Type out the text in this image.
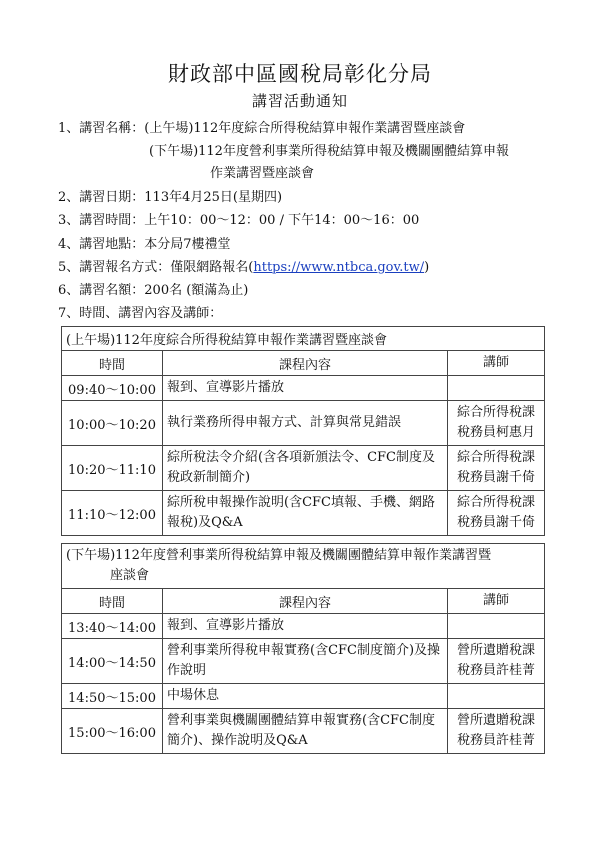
財政部中區國稅局彰化分局
講習活動通知
1、講習名稱：(上午場)112年度綜合所得稅結算申報作業講習暨座談會
(下午場)112年度營利事業所得稅結算申報及機關團體結算申報
作業講習暨座談會
2、講習日期：113年4月25日(星期四)
3、講習時間：上午10：00～12：00 / 下午14：00～16：00
4、講習地點：本分局7樓禮堂
5、講習報名方式：僅限網路報名(https://www.ntbca.gov.tw/)
6、講習名額：200名 (額滿為止)
7、時間、講習內容及講師：
(上午場)112年度綜合所得稅結算申報作業講習暨座談會		
時間	課程內容	講師
09:40～10:00	報到、宣導影片播放	
10:00～10:20	執行業務所得申報方式、計算與常見錯誤	綜合所得稅課
稅務員柯惠月
10:20～11:10	綜所稅法令介紹(含各項新頒法令、CFC制度及稅政新制簡介)	綜合所得稅課
稅務員謝千倚
11:10～12:00	綜所稅申報操作說明(含CFC填報、手機、網路報稅)及Q&A	綜合所得稅課
稅務員謝千倚
(下午場)112年度營利事業所得稅結算申報及機關團體結算申報作業講習暨
座談會		

時間	課程內容	講師
13:40～14:00	報到、宣導影片播放	
14:00～14:50	營利事業所得稅申報實務(含CFC制度簡介)及操作說明	營所遺贈稅課
稅務員許桂菁
14:50～15:00	中場休息	
15:00～16:00	營利事業與機關團體結算申報實務(含CFC制度簡介)、操作說明及Q&A	營所遺贈稅課
稅務員許桂菁
